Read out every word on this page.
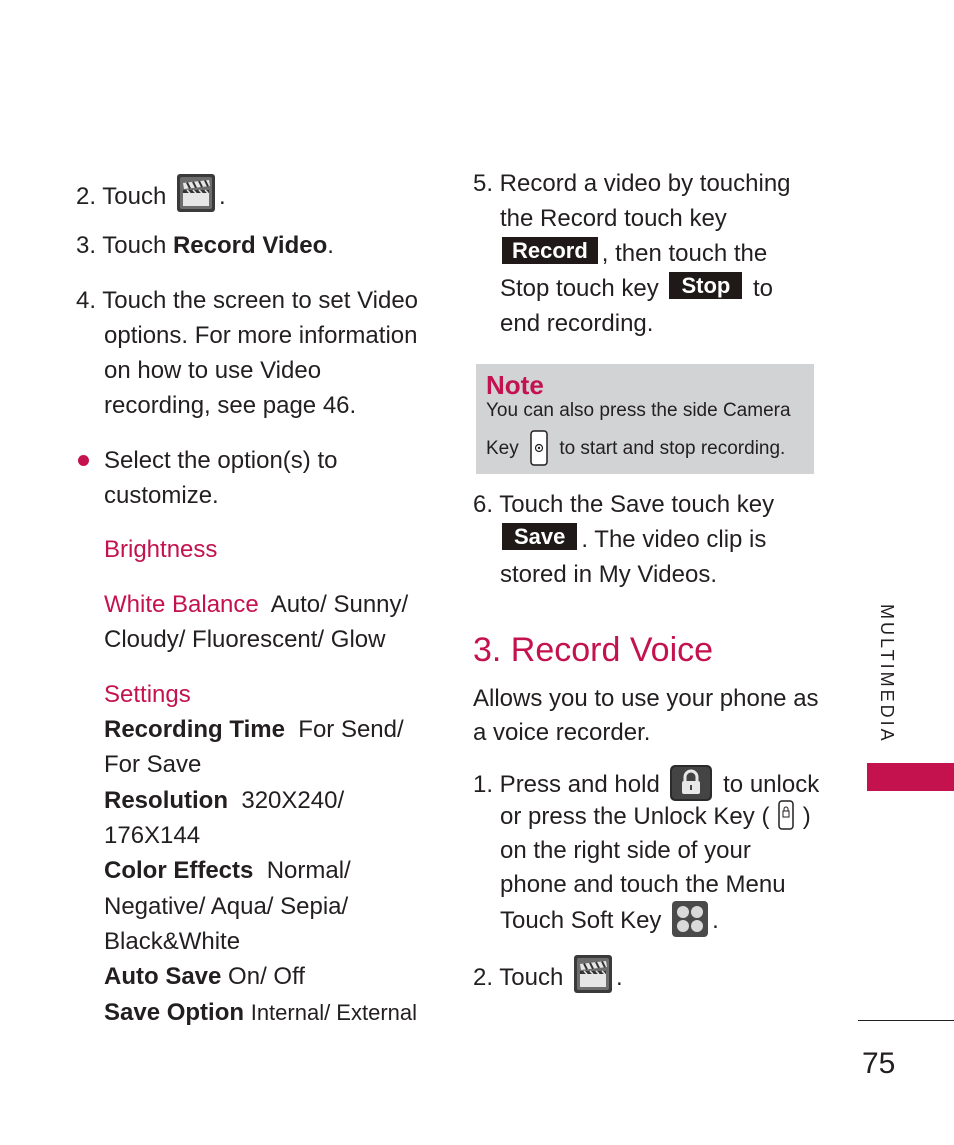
2. Touch .
3. Touch Record Video.
4. Touch the screen to set Video
options. For more information
on how to use Video
recording, see page 46.
Select the option(s) to
customize.
Brightness
White Balance Auto/ Sunny/
Cloudy/ Fluorescent/ Glow
Settings
Recording Time For Send/
For Save
Resolution 320X240/
176X144
Color Effects Normal/
Negative/ Aqua/ Sepia/
Black&White
Auto Save On/ Off
Save Option Internal/ External
5. Record a video by touching
the Record touch key
Record , then touch the
Stop touch key Stop to
end recording.
Note
You can also press the side Camera
Key to start and stop recording.
6. Touch the Save touch key
Save . The video clip is
stored in My Videos.
3. Record Voice
Allows you to use your phone as
a voice recorder.
1. Press and hold	to unlock
or press the Unlock Key ( )
on the right side of your
phone and touch the Menu
Touch Soft Key .
2. Touch .
MULTIMEDIA
75
